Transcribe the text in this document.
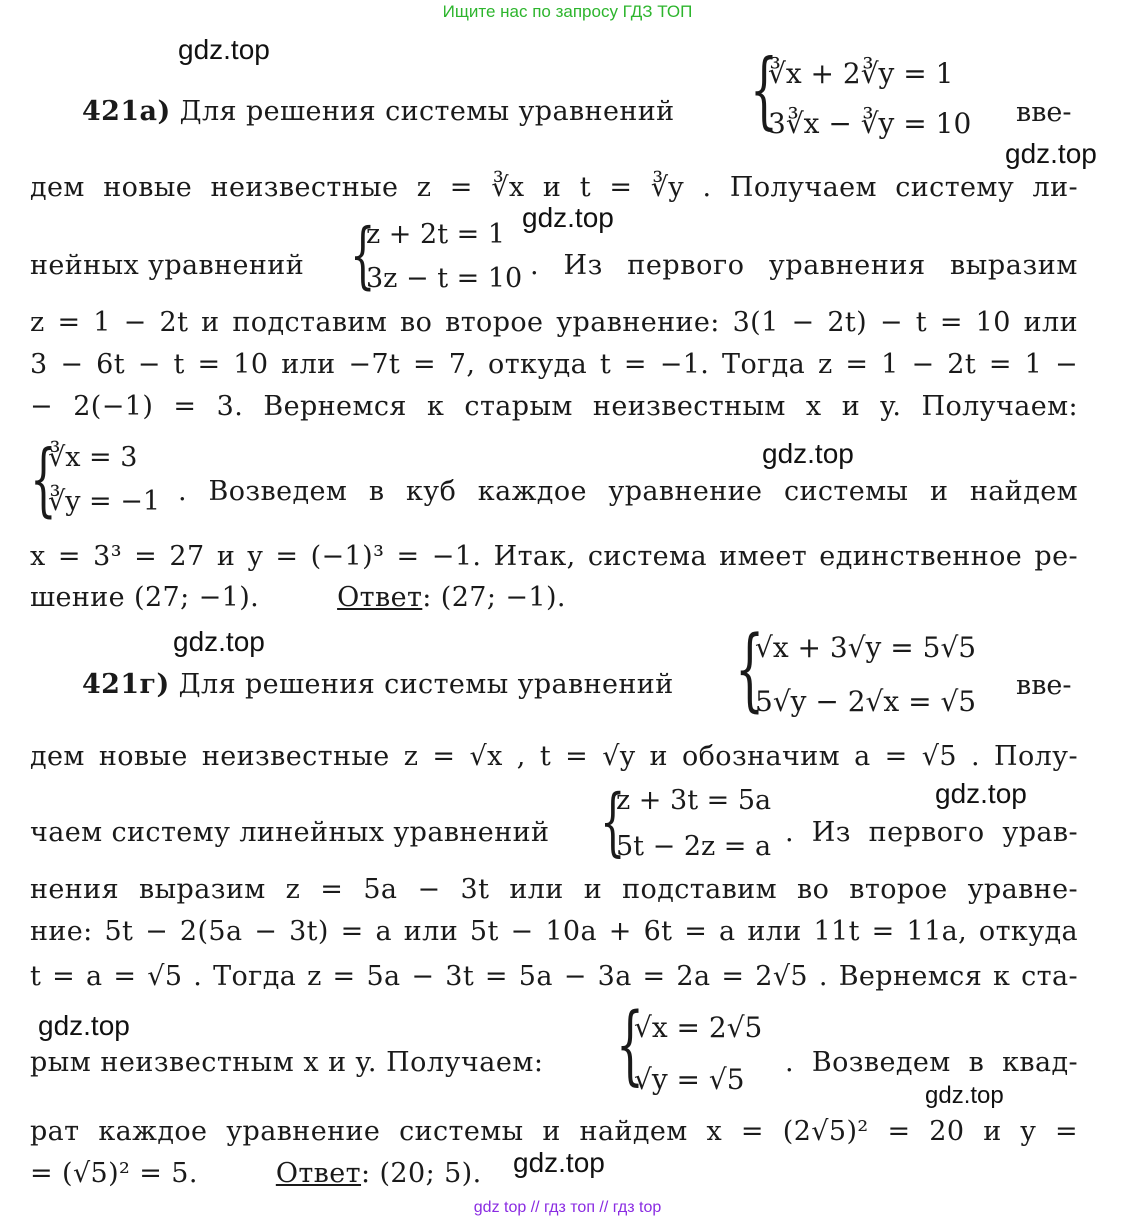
Ищите нас по запросу ГДЗ ТОП
gdz.top
gdz.top
gdz.top
gdz.top
gdz.top
gdz.top
gdz.top
gdz.top
gdz.top
421а) Для решения системы уравнений {
∛x + 2∛y = 1
3∛x − ∛y = 10 вве-
дем новые неизвестные z = ∛x и t = ∛y . Получаем систему ли-
нейных уравнений {
z + 2t = 1
3z − t = 10 . Из первого уравнения выразим
z = 1 − 2t и подставим во второе уравнение: 3(1 − 2t) − t = 10 или
3 − 6t − t = 10 или −7t = 7, откуда t = −1. Тогда z = 1 − 2t = 1 −
− 2(−1) = 3. Вернемся к старым неизвестным x и y. Получаем:
{
∛x = 3
∛y = −1 . Возведем в куб каждое уравнение системы и найдем
x = 3³ = 27 и y = (−1)³ = −1. Итак, система имеет единственное ре-
шение (27; −1).	Ответ: (27; −1).
421г) Для решения системы уравнений {
√x + 3√y = 5√5
5√y − 2√x = √5 вве-
дем новые неизвестные z = √x , t = √y и обозначим a = √5 . Полу-
чаем систему линейных уравнений {
z + 3t = 5a
5t − 2z = a . Из первого урав-
нения выразим z = 5a − 3t или и подставим во второе уравне-
ние: 5t − 2(5a − 3t) = a или 5t − 10a + 6t = a или 11t = 11a, откуда
t = a = √5 . Тогда z = 5a − 3t = 5a − 3a = 2a = 2√5 . Вернемся к ста-
рым неизвестным x и y. Получаем: {
√x = 2√5
√y = √5
. Возведем в квад-
рат каждое уравнение системы и найдем x = (2√5)² = 20 и y =
= (√5)² = 5.	Ответ: (20; 5).
gdz top // гдз топ // гдз top
